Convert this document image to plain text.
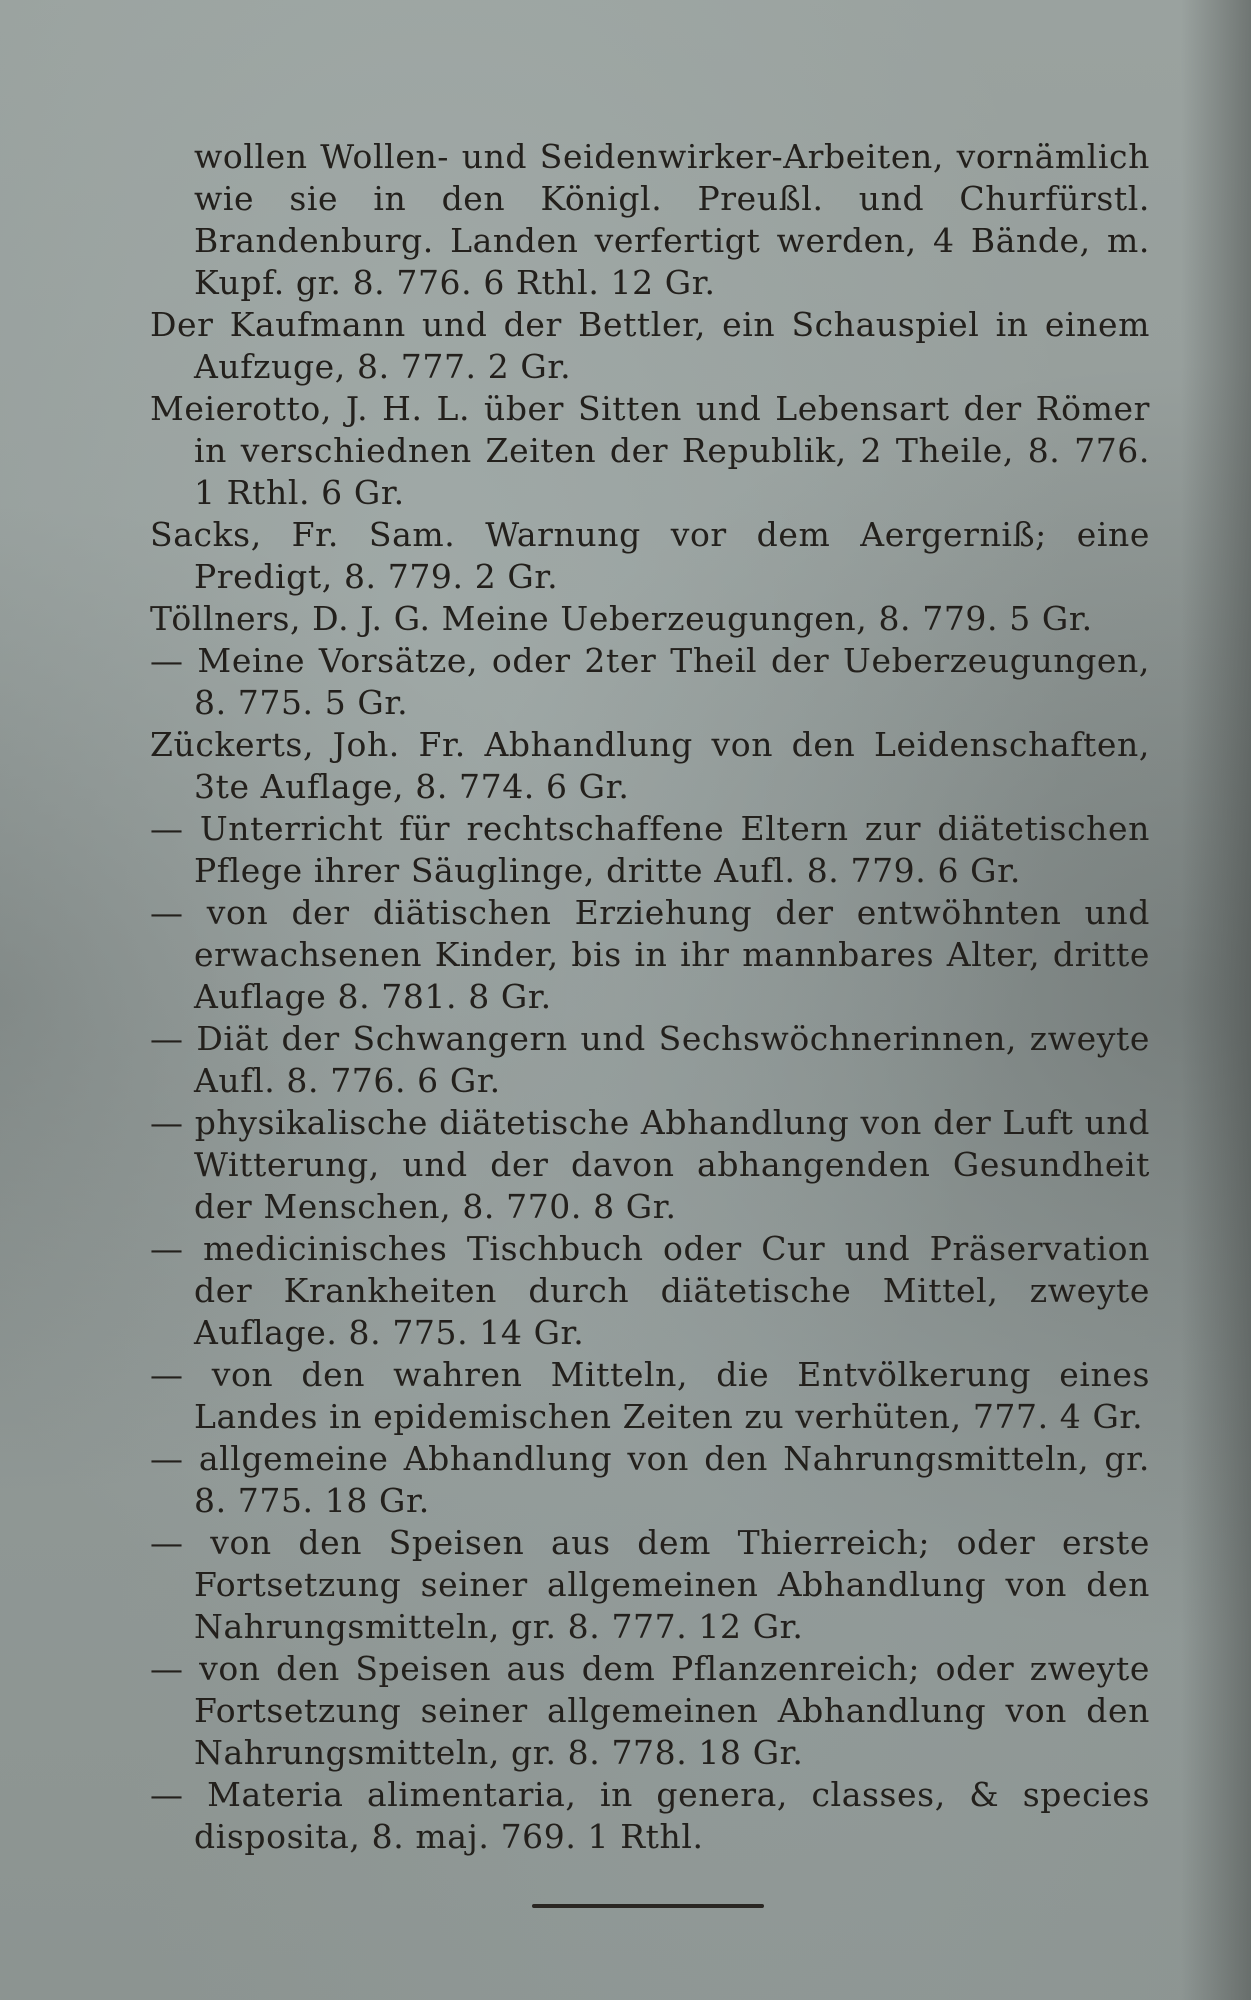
wollen Wollen- und Seidenwirker-Arbeiten, vornämlich wie sie in den Königl. Preußl. und Churfürstl. Brandenburg. Landen verfertigt werden, 4 Bände, m. Kupf. gr. 8. 776. 6 Rthl. 12 Gr.

Der Kaufmann und der Bettler, ein Schauspiel in einem Aufzuge, 8. 777. 2 Gr.

Meierotto, J. H. L. über Sitten und Lebensart der Römer in verschiednen Zeiten der Republik, 2 Theile, 8. 776. 1 Rthl. 6 Gr.

Sacks, Fr. Sam. Warnung vor dem Aergerniß; eine Predigt, 8. 779. 2 Gr.

Töllners, D. J. G. Meine Ueberzeugungen, 8. 779. 5 Gr.

— Meine Vorsätze, oder 2ter Theil der Ueberzeugungen, 8. 775. 5 Gr.

Zückerts, Joh. Fr. Abhandlung von den Leidenschaften, 3te Auflage, 8. 774. 6 Gr.

— Unterricht für rechtschaffene Eltern zur diätetischen Pflege ihrer Säuglinge, dritte Aufl. 8. 779. 6 Gr.

— von der diätischen Erziehung der entwöhnten und erwachsenen Kinder, bis in ihr mannbares Alter, dritte Auflage 8. 781. 8 Gr.

— Diät der Schwangern und Sechswöchnerinnen, zweyte Aufl. 8. 776. 6 Gr.

— physikalische diätetische Abhandlung von der Luft und Witterung, und der davon abhangenden Gesundheit der Menschen, 8. 770. 8 Gr.

— medicinisches Tischbuch oder Cur und Präservation der Krankheiten durch diätetische Mittel, zweyte Auflage. 8. 775. 14 Gr.

— von den wahren Mitteln, die Entvölkerung eines Landes in epidemischen Zeiten zu verhüten, 777. 4 Gr.

— allgemeine Abhandlung von den Nahrungsmitteln, gr. 8. 775. 18 Gr.

— von den Speisen aus dem Thierreich; oder erste Fortsetzung seiner allgemeinen Abhandlung von den Nahrungsmitteln, gr. 8. 777. 12 Gr.

— von den Speisen aus dem Pflanzenreich; oder zweyte Fortsetzung seiner allgemeinen Abhandlung von den Nahrungsmitteln, gr. 8. 778. 18 Gr.

— Materia alimentaria, in genera, classes, & species disposita, 8. maj. 769. 1 Rthl.
